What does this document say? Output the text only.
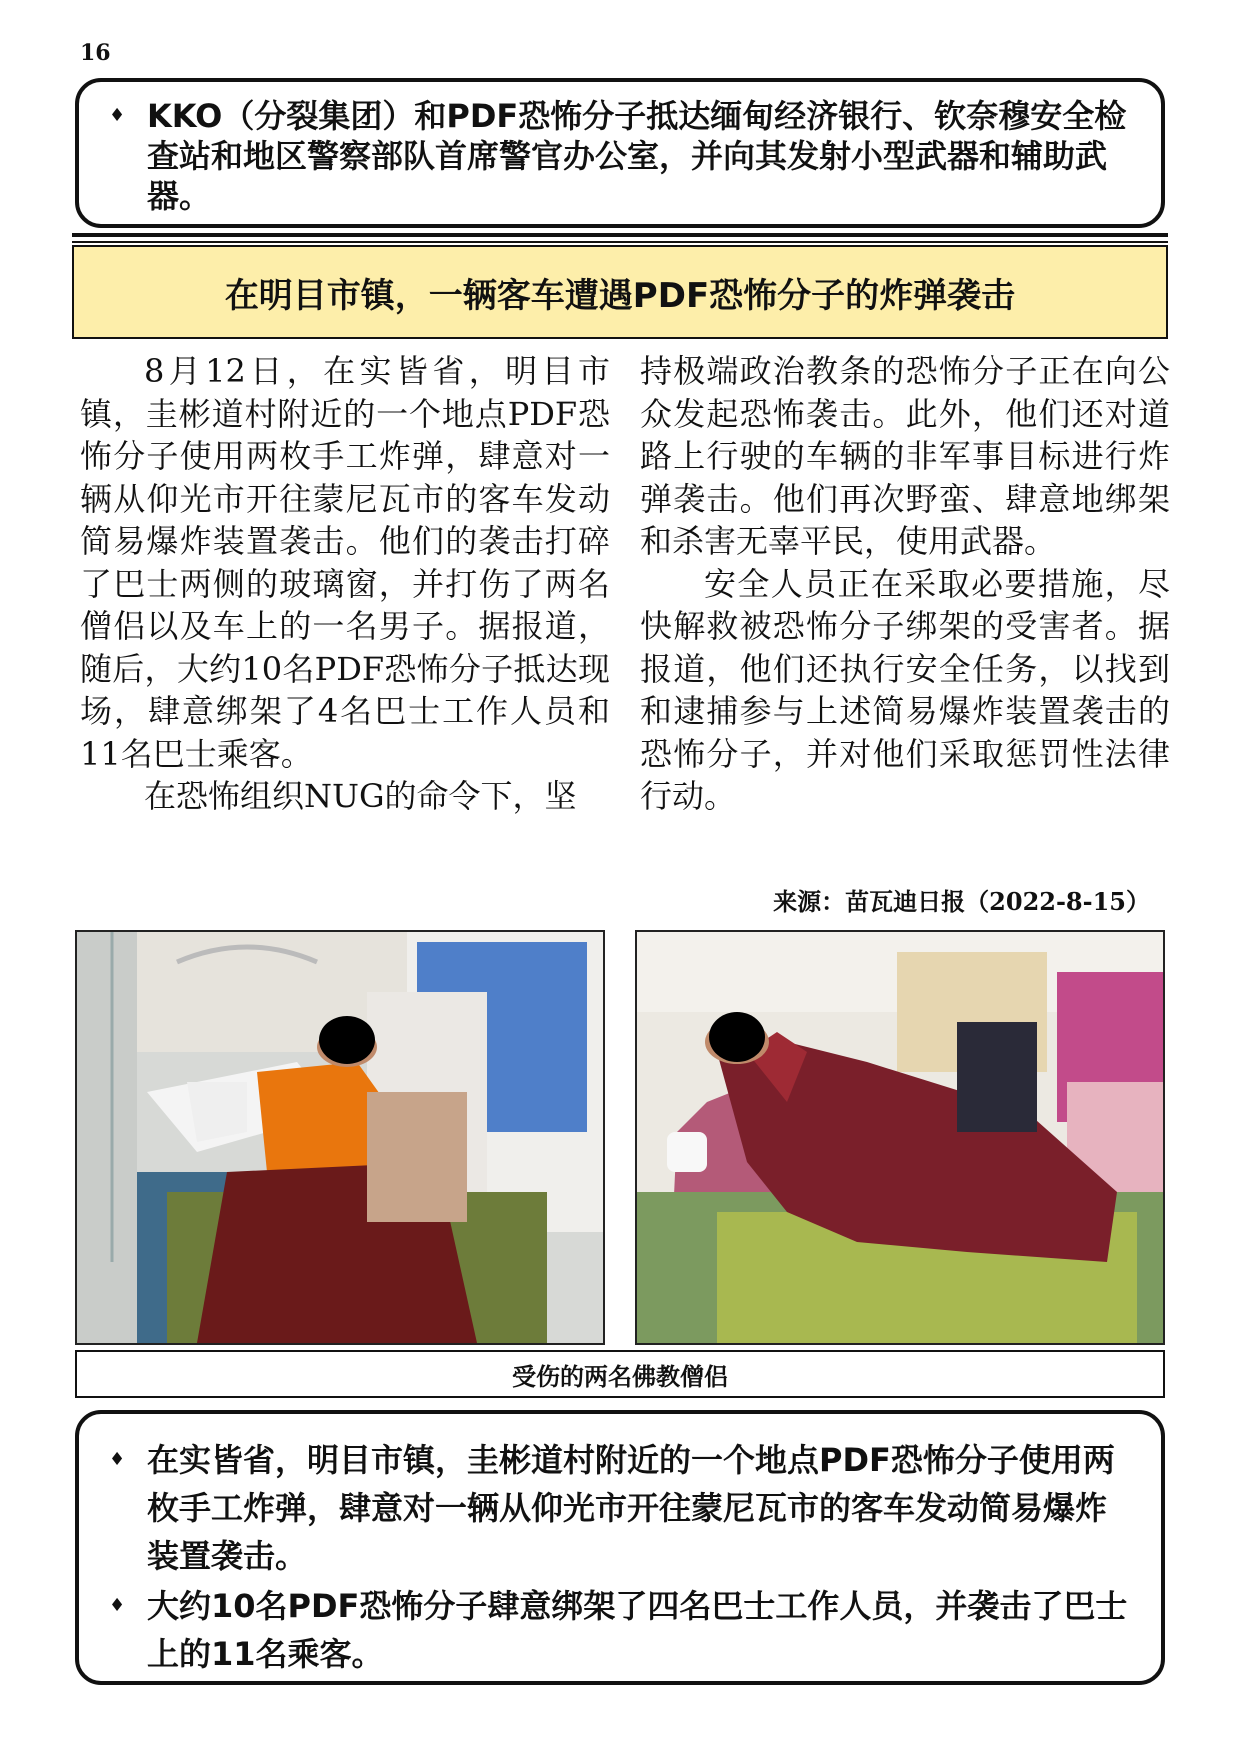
16
♦ KKO（分裂集团）和PDF恐怖分子抵达缅甸经济银行、钦奈穆安全检查站和地区警察部队首席警官办公室，并向其发射小型武器和辅助武器。
在明目市镇，一辆客车遭遇PDF恐怖分子的炸弹袭击

8月12日，在实皆省，明目市镇，圭彬道村附近的一个地点PDF恐怖分子使用两枚手工炸弹，肆意对一辆从仰光市开往蒙尼瓦市的客车发动简易爆炸装置袭击。他们的袭击打碎了巴士两侧的玻璃窗，并打伤了两名僧侣以及车上的一名男子。据报道，随后，大约10名PDF恐怖分子抵达现场，肆意绑架了4名巴士工作人员和11名巴士乘客。

在恐怖组织NUG的命令下，坚

持极端政治教条的恐怖分子正在向公众发起恐怖袭击。此外，他们还对道路上行驶的车辆的非军事目标进行炸弹袭击。他们再次野蛮、肆意地绑架和杀害无辜平民，使用武器。

安全人员正在采取必要措施，尽快解救被恐怖分子绑架的受害者。据报道，他们还执行安全任务，以找到和逮捕参与上述简易爆炸装置袭击的恐怖分子，并对他们采取惩罚性法律行动。

来源：苗瓦迪日报（2022-8-15）
受伤的两名佛教僧侣
♦ 在实皆省，明目市镇，圭彬道村附近的一个地点PDF恐怖分子使用两枚手工炸弹，肆意对一辆从仰光市开往蒙尼瓦市的客车发动简易爆炸装置袭击。
♦ 大约10名PDF恐怖分子肆意绑架了四名巴士工作人员，并袭击了巴士上的11名乘客。
